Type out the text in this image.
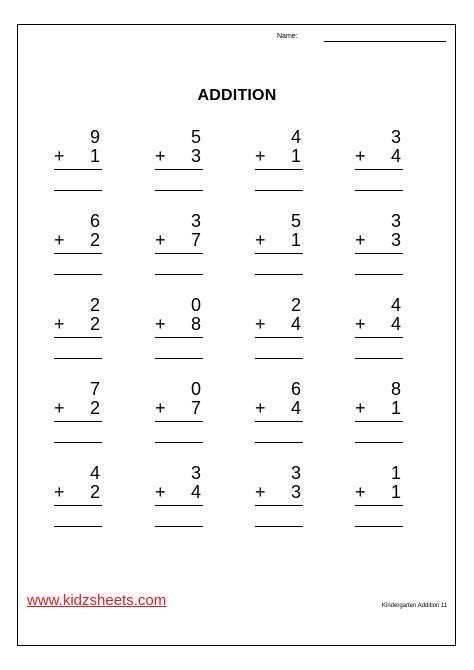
Name:
ADDITION
9
+ 1
5
+ 3
4
+ 1
3
+ 4
6
+ 2
3
+ 7
5
+ 1
3
+ 3
2
+ 2
0
+ 8
2
+ 4
4
+ 4
7
+ 2
0
+ 7
6
+ 4
8
+ 1
4
+ 2
3
+ 4
3
+ 3
1
+ 1
www.kidzsheets.com	Kindergarten Addition 11
